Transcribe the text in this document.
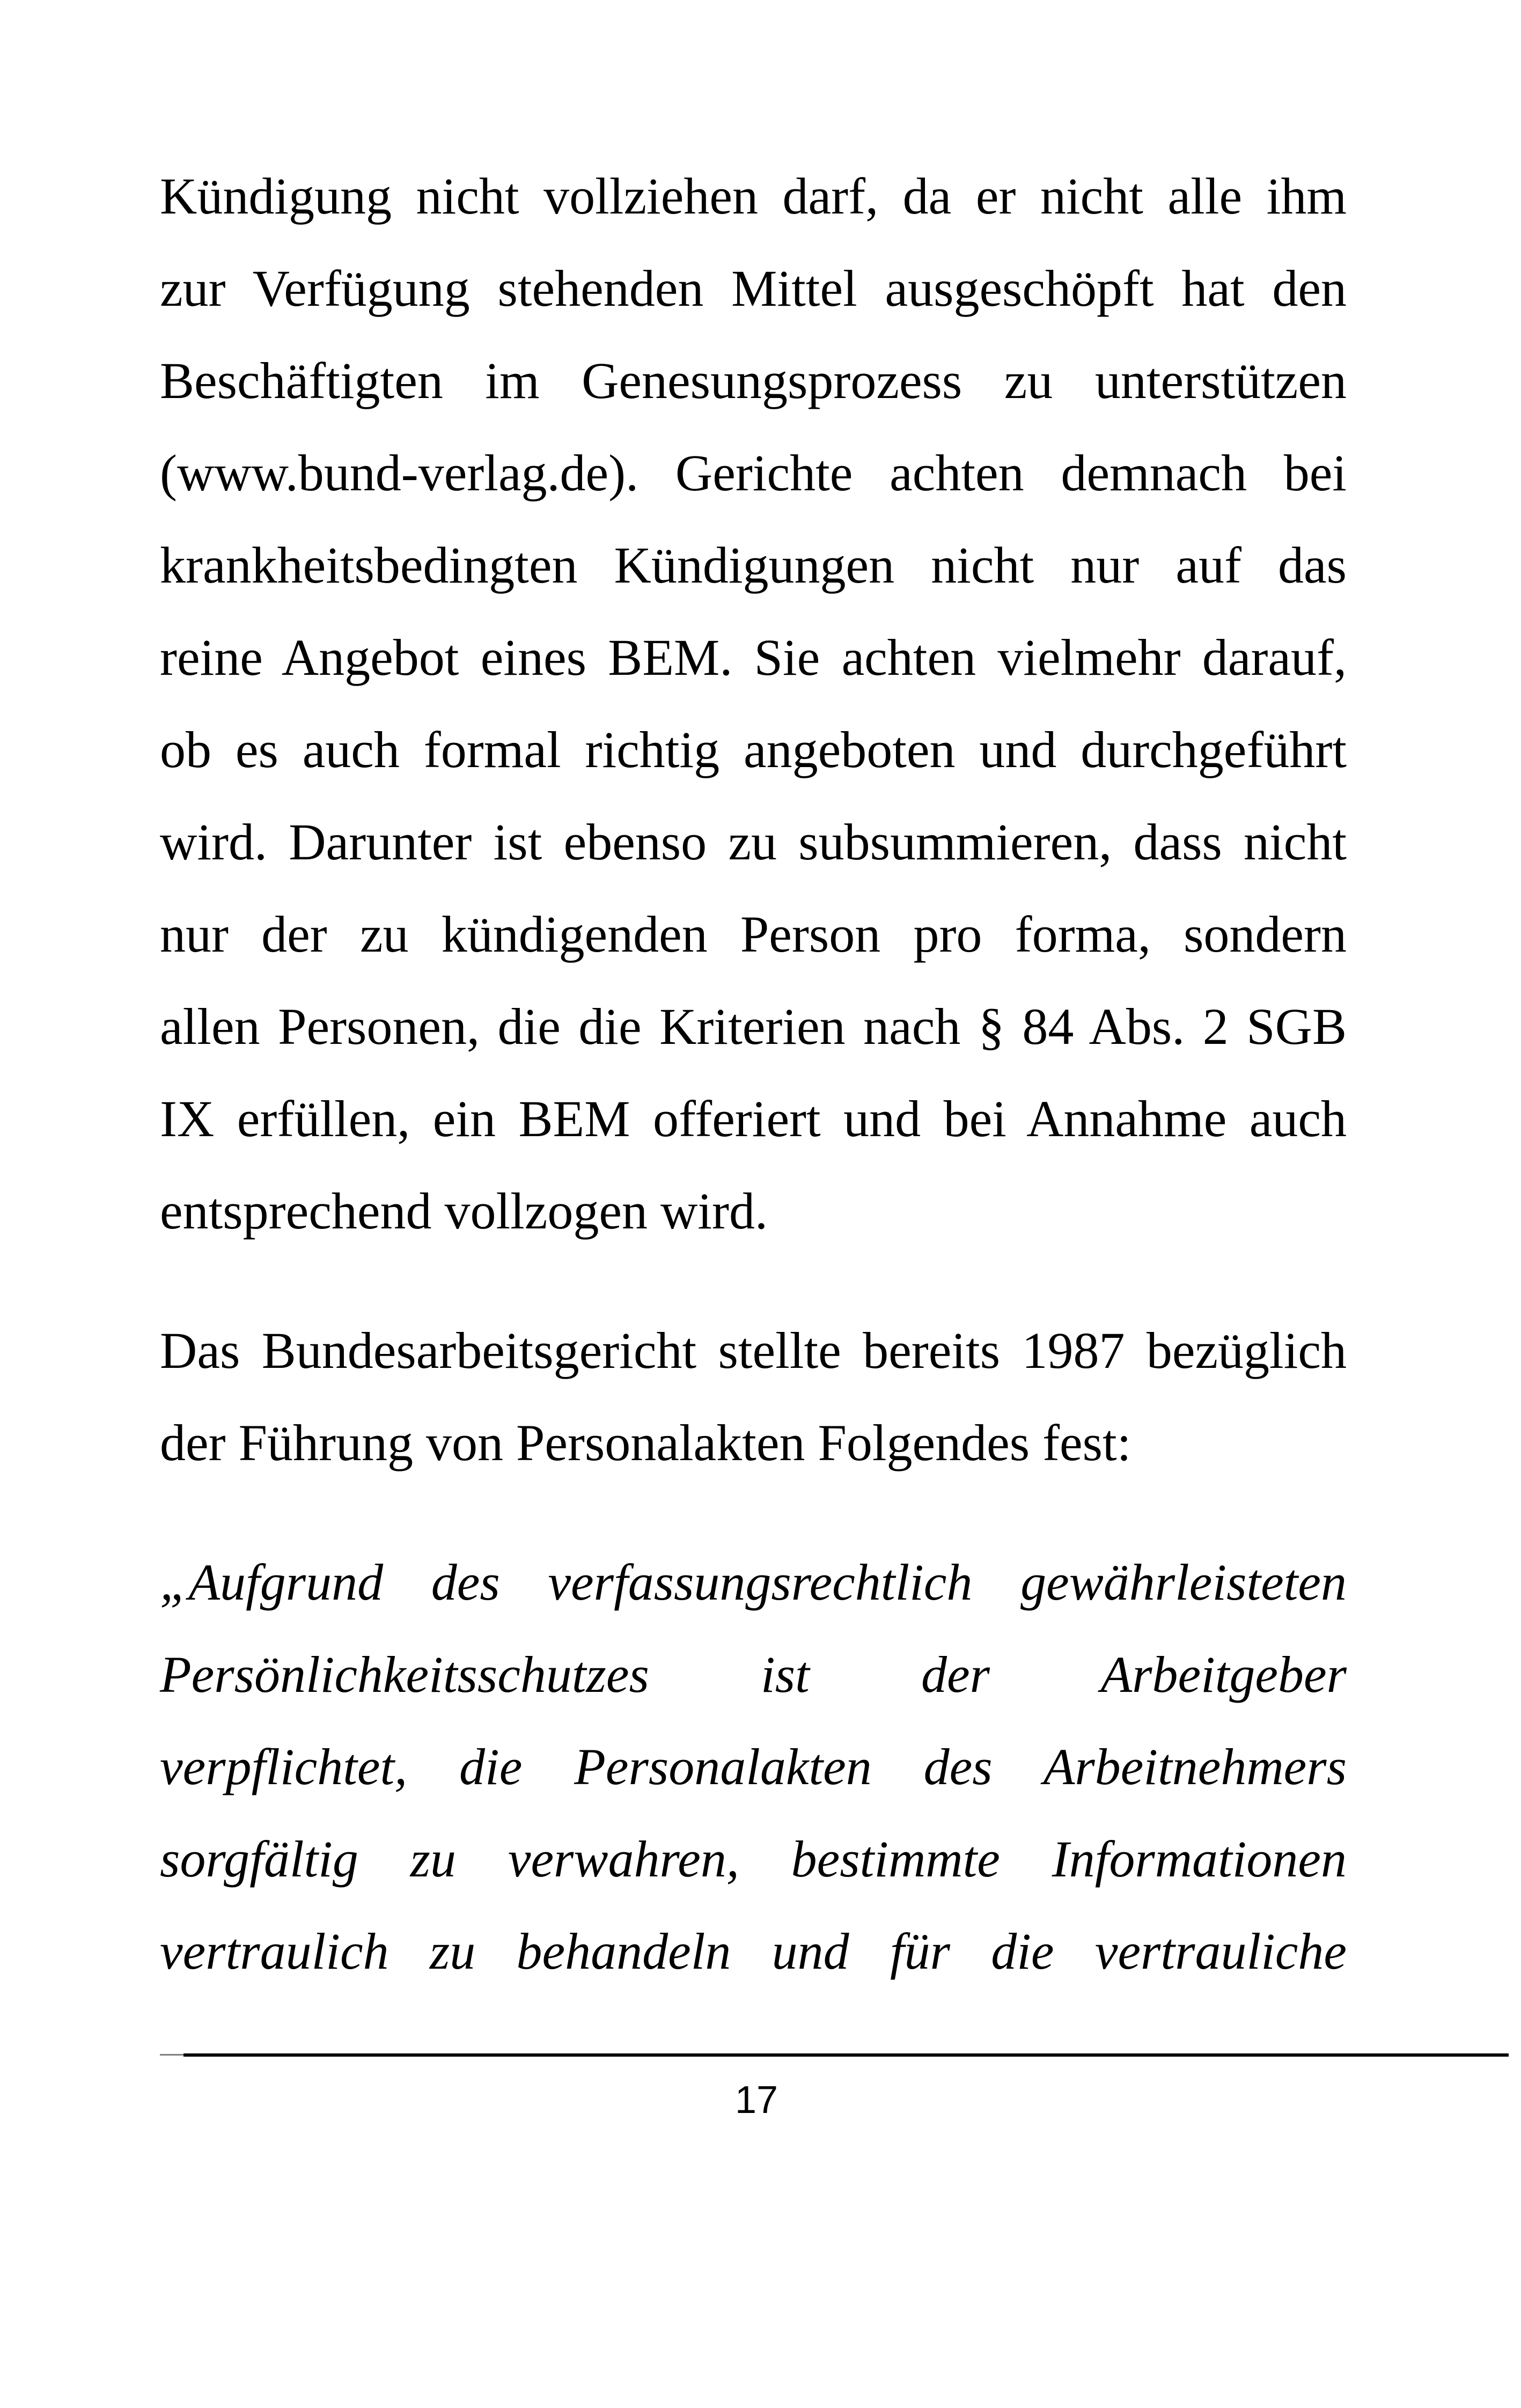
Kündigung nicht vollziehen darf, da er nicht alle ihm
zur Verfügung stehenden Mittel ausgeschöpft hat den
Beschäftigten im Genesungsprozess zu unterstützen
(www.bund-verlag.de). Gerichte achten demnach bei
krankheitsbedingten Kündigungen nicht nur auf das
reine Angebot eines BEM. Sie achten vielmehr darauf,
ob es auch formal richtig angeboten und durchgeführt
wird. Darunter ist ebenso zu subsummieren, dass nicht
nur der zu kündigenden Person pro forma, sondern
allen Personen, die die Kriterien nach § 84 Abs. 2 SGB
IX erfüllen, ein BEM offeriert und bei Annahme auch
entsprechend vollzogen wird.
Das Bundesarbeitsgericht stellte bereits 1987 bezüglich
der Führung von Personalakten Folgendes fest:
„Aufgrund des verfassungsrechtlich gewährleisteten
Persönlichkeitsschutzes ist der Arbeitgeber
verpflichtet, die Personalakten des Arbeitnehmers
sorgfältig zu verwahren, bestimmte Informationen
vertraulich zu behandeln und für die vertrauliche
17
